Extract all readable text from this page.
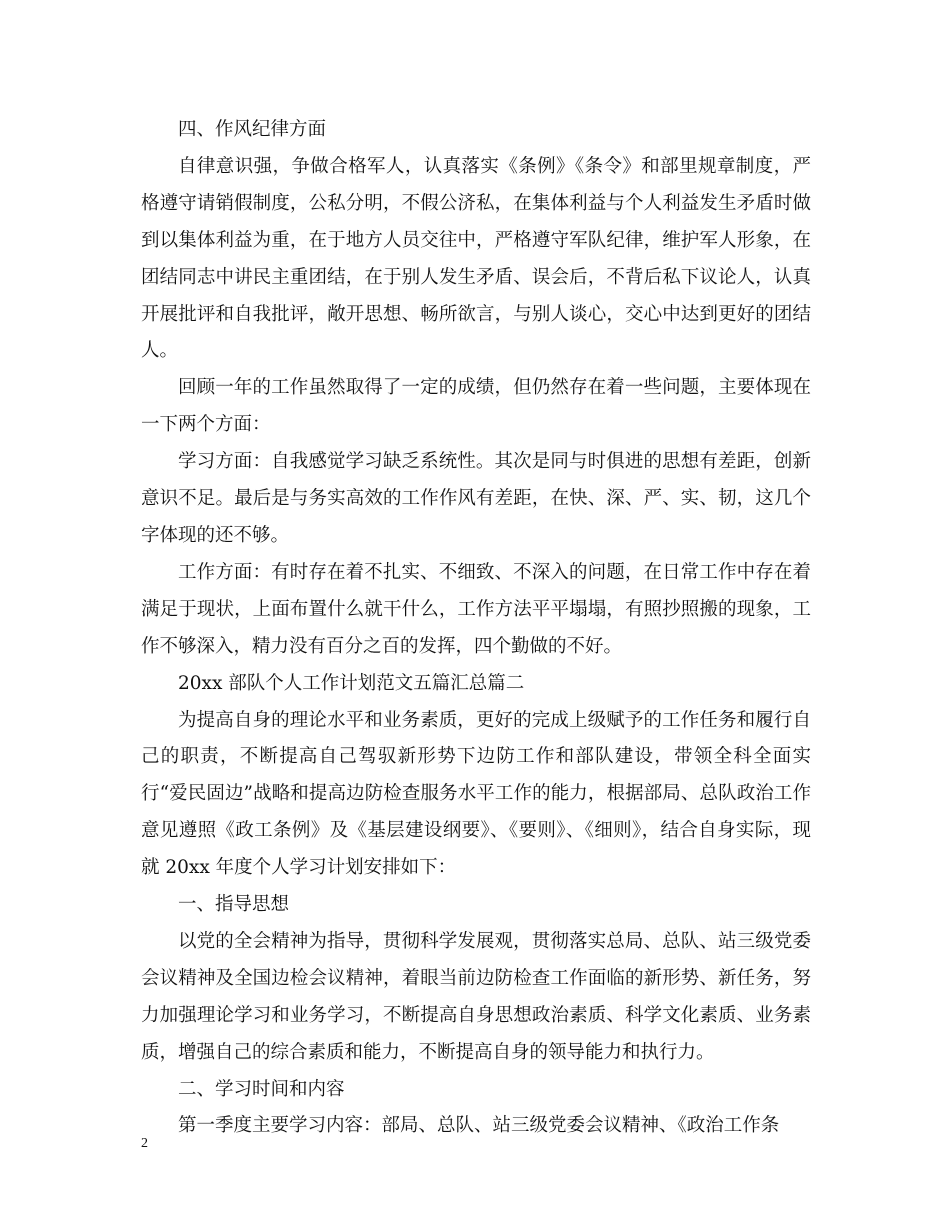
四、作风纪律方面

自律意识强，争做合格军人，认真落实《条例》《条令》和部里规章制度，严格遵守请销假制度，公私分明，不假公济私，在集体利益与个人利益发生矛盾时做到以集体利益为重，在于地方人员交往中，严格遵守军队纪律，维护军人形象，在团结同志中讲民主重团结，在于别人发生矛盾、误会后，不背后私下议论人，认真开展批评和自我批评，敞开思想、畅所欲言，与别人谈心，交心中达到更好的团结人。

回顾一年的工作虽然取得了一定的成绩，但仍然存在着一些问题，主要体现在一下两个方面：

学习方面：自我感觉学习缺乏系统性。其次是同与时俱进的思想有差距，创新意识不足。最后是与务实高效的工作作风有差距，在快、深、严、实、韧，这几个字体现的还不够。

工作方面：有时存在着不扎实、不细致、不深入的问题，在日常工作中存在着满足于现状，上面布置什么就干什么，工作方法平平塌塌，有照抄照搬的现象，工作不够深入，精力没有百分之百的发挥，四个勤做的不好。

20xx 部队个人工作计划范文五篇汇总篇二

为提高自身的理论水平和业务素质，更好的完成上级赋予的工作任务和履行自己的职责，不断提高自己驾驭新形势下边防工作和部队建设，带领全科全面实行“爱民固边”战略和提高边防检查服务水平工作的能力，根据部局、总队政治工作意见遵照《政工条例》及《基层建设纲要》、《要则》、《细则》，结合自身实际，现就 20xx 年度个人学习计划安排如下：

一、指导思想

以党的全会精神为指导，贯彻科学发展观，贯彻落实总局、总队、站三级党委会议精神及全国边检会议精神，着眼当前边防检查工作面临的新形势、新任务，努力加强理论学习和业务学习，不断提高自身思想政治素质、科学文化素质、业务素质，增强自己的综合素质和能力，不断提高自身的领导能力和执行力。

二、学习时间和内容

第一季度主要学习内容：部局、总队、站三级党委会议精神、《政治工作条

2
